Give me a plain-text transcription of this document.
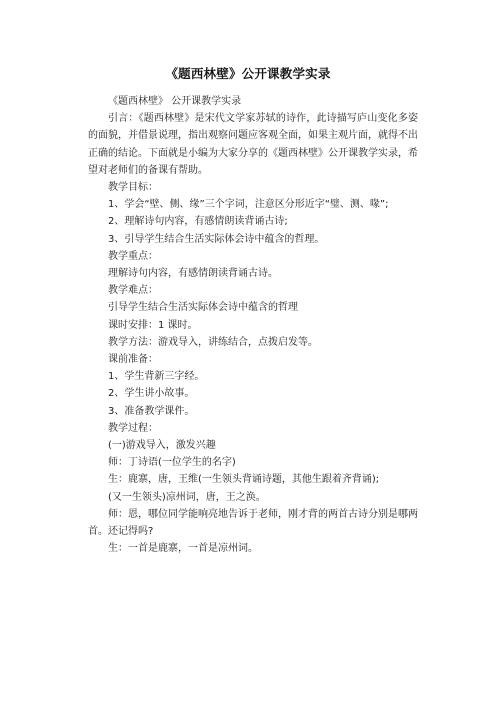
《题西林壁》公开课教学实录

《题西林壁》 公开课教学实录

引言：《题西林壁》是宋代文学家苏轼的诗作，此诗描写庐山变化多姿的面貌，并借景说理，指出观察问题应客观全面，如果主观片面，就得不出正确的结论。下面就是小编为大家分享的《题西林壁》公开课教学实录，希望对老师们的备课有帮助。

教学目标：

1、学会“壁、侧、缘”三个字词，注意区分形近字“璧、测、喙”;

2、理解诗句内容，有感情朗读背诵古诗;

3、引导学生结合生活实际体会诗中蕴含的哲理。

教学重点：

理解诗句内容，有感情朗读背诵古诗。

教学难点：

引导学生结合生活实际体会诗中蕴含的哲理

课时安排：1 课时。

教学方法：游戏导入，讲练结合，点拨启发等。

课前准备：

1、学生背新三字经。

2、学生讲小故事。

3、准备教学课件。

教学过程：

(一)游戏导入，激发兴趣

师：丁诗语(一位学生的名字)

生：鹿寨，唐，王维(一生领头背诵诗题，其他生跟着齐背诵);

(又一生领头)凉州词，唐，王之涣。

师：恩，哪位同学能响亮地告诉于老师，刚才背的两首古诗分别是哪两首。还记得吗?

生：一首是鹿寨，一首是凉州词。
